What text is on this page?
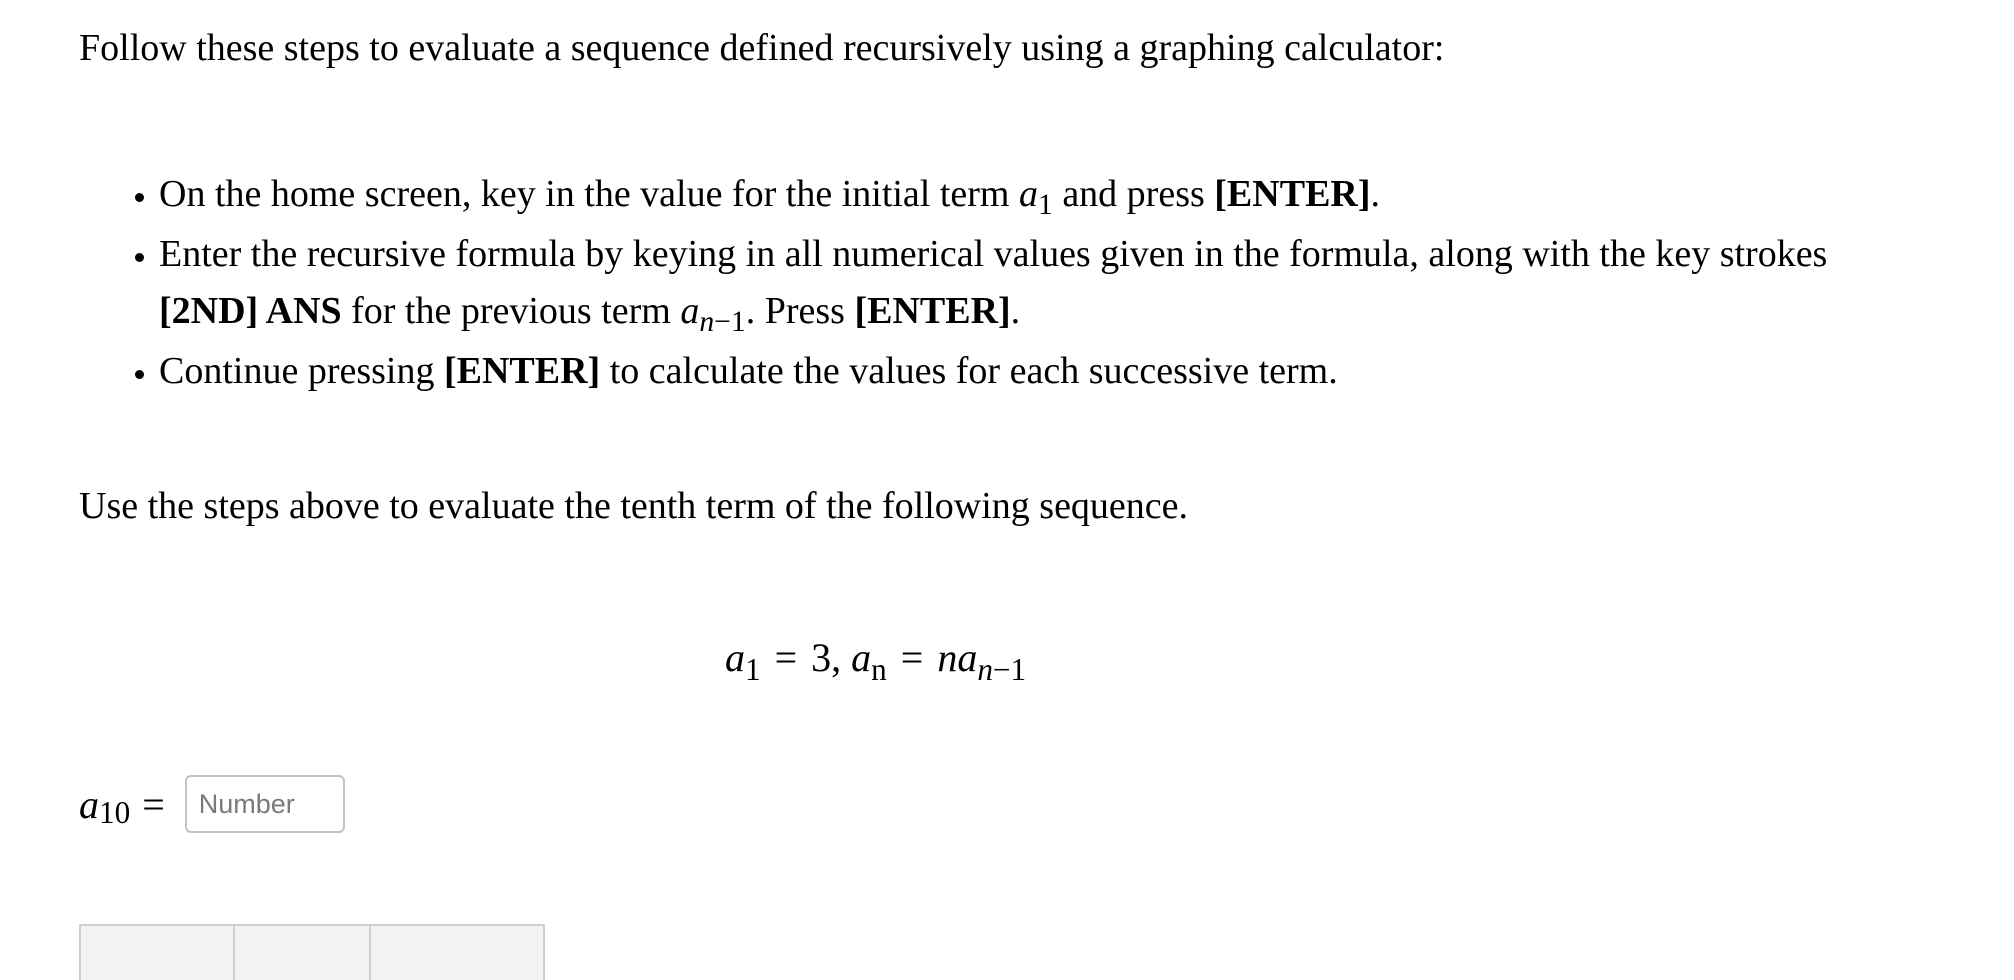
Follow these steps to evaluate a sequence defined recursively using a graphing calculator:

• On the home screen, key in the value for the initial term $a_1$ and press [ENTER].
• Enter the recursive formula by keying in all numerical values given in the formula, along with the key strokes [2ND] ANS for the previous term $a_{n-1}$. Press [ENTER].
• Continue pressing [ENTER] to calculate the values for each successive term.

Use the steps above to evaluate the tenth term of the following sequence.

$a_1 = 3$, $a_n = na_{n-1}$
a 10 =
Number
